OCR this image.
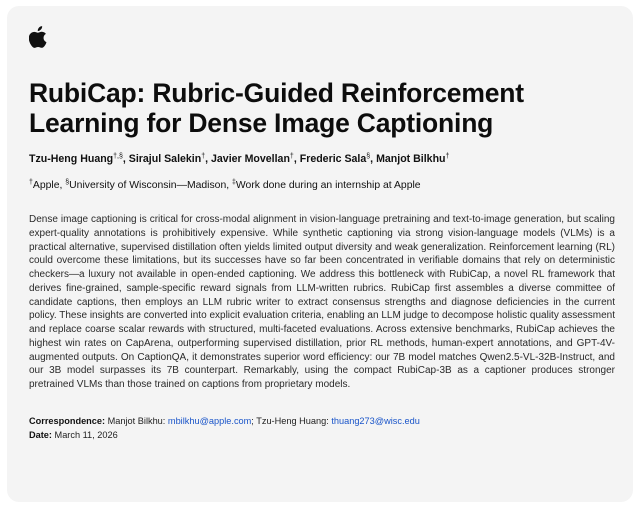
RubiCap: Rubric-Guided Reinforcement Learning for Dense Image Captioning
Tzu-Heng Huang†,§, Sirajul Salekin†, Javier Movellan†, Frederic Sala§, Manjot Bilkhu†
†Apple, §University of Wisconsin—Madison, ‡Work done during an internship at Apple

Dense image captioning is critical for cross-modal alignment in vision-language pretraining and text-to-image generation, but scaling expert-quality annotations is prohibitively expensive. While synthetic captioning via strong vision-language models (VLMs) is a practical alternative, supervised distillation often yields limited output diversity and weak generalization. Reinforcement learning (RL) could overcome these limitations, but its successes have so far been concentrated in verifiable domains that rely on deterministic checkers—a luxury not available in open-ended captioning. We address this bottleneck with RubiCap, a novel RL framework that derives fine-grained, sample-specific reward signals from LLM-written rubrics. RubiCap first assembles a diverse committee of candidate captions, then employs an LLM rubric writer to extract consensus strengths and diagnose deficiencies in the current policy. These insights are converted into explicit evaluation criteria, enabling an LLM judge to decompose holistic quality assessment and replace coarse scalar rewards with structured, multi-faceted evaluations. Across extensive benchmarks, RubiCap achieves the highest win rates on CapArena, outperforming supervised distillation, prior RL methods, human-expert annotations, and GPT-4V-augmented outputs. On CaptionQA, it demonstrates superior word efficiency: our 7B model matches Qwen2.5-VL-32B-Instruct, and our 3B model surpasses its 7B counterpart. Remarkably, using the compact RubiCap-3B as a captioner produces stronger pretrained VLMs than those trained on captions from proprietary models.

Correspondence: Manjot Bilkhu: mbilkhu@apple.com; Tzu-Heng Huang: thuang273@wisc.edu
Date: March 11, 2026
